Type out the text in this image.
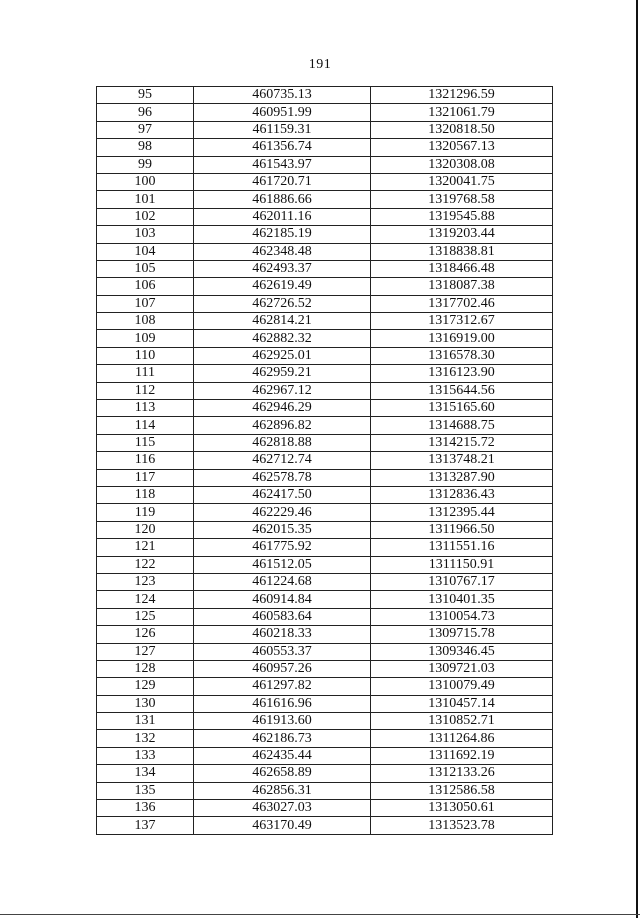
191
95	460735.13	1321296.59
96	460951.99	1321061.79
97	461159.31	1320818.50
98	461356.74	1320567.13
99	461543.97	1320308.08
100	461720.71	1320041.75
101	461886.66	1319768.58
102	462011.16	1319545.88
103	462185.19	1319203.44
104	462348.48	1318838.81
105	462493.37	1318466.48
106	462619.49	1318087.38
107	462726.52	1317702.46
108	462814.21	1317312.67
109	462882.32	1316919.00
110	462925.01	1316578.30
111	462959.21	1316123.90
112	462967.12	1315644.56
113	462946.29	1315165.60
114	462896.82	1314688.75
115	462818.88	1314215.72
116	462712.74	1313748.21
117	462578.78	1313287.90
118	462417.50	1312836.43
119	462229.46	1312395.44
120	462015.35	1311966.50
121	461775.92	1311551.16
122	461512.05	1311150.91
123	461224.68	1310767.17
124	460914.84	1310401.35
125	460583.64	1310054.73
126	460218.33	1309715.78
127	460553.37	1309346.45
128	460957.26	1309721.03
129	461297.82	1310079.49
130	461616.96	1310457.14
131	461913.60	1310852.71
132	462186.73	1311264.86
133	462435.44	1311692.19
134	462658.89	1312133.26
135	462856.31	1312586.58
136	463027.03	1313050.61
137	463170.49	1313523.78
